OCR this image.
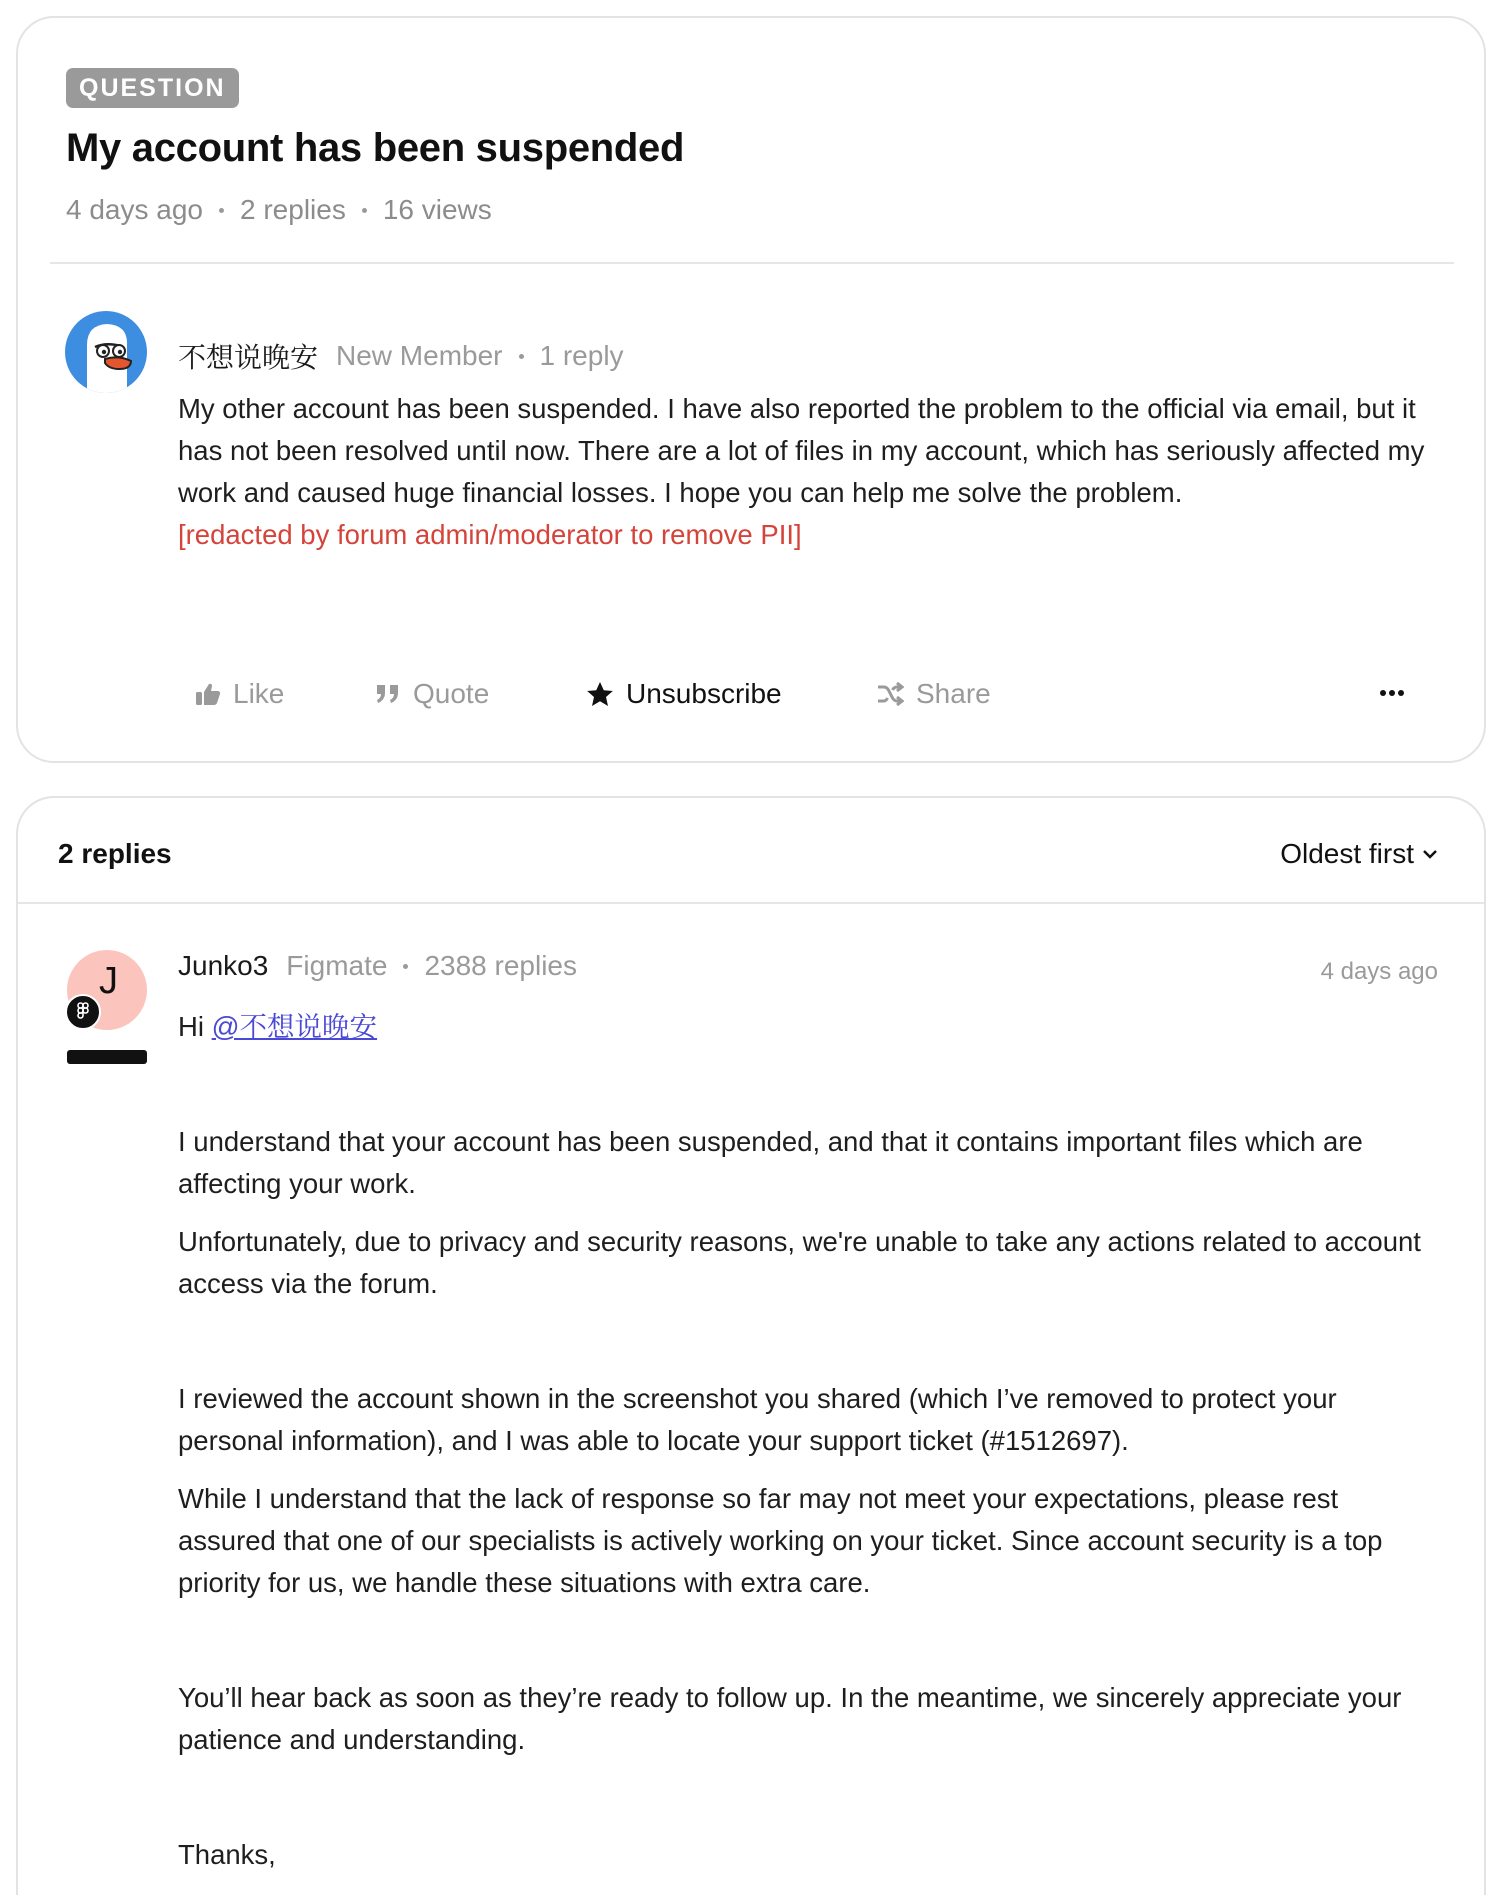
QUESTION
My account has been suspended
4 days ago 2 replies 16 views
不想说晚安 New Member 1 reply

My other account has been suspended. I have also reported the problem to the official via email, but it has not been resolved until now. There are a lot of files in my account, which has seriously affected my work and caused huge financial losses. I hope you can help me solve the problem.

[redacted by forum admin/moderator to remove PII]

Like	Quote	Unsubscribe	Share
2 replies	Oldest first
J Junko3 Figmate 2388 replies	4 days ago

Hi @不想说晚安

I understand that your account has been suspended, and that it contains important files which are affecting your work.

Unfortunately, due to privacy and security reasons, we're unable to take any actions related to account access via the forum.

I reviewed the account shown in the screenshot you shared (which I’ve removed to protect your personal information), and I was able to locate your support ticket (#1512697).

While I understand that the lack of response so far may not meet your expectations, please rest assured that one of our specialists is actively working on your ticket. Since account security is a top priority for us, we handle these situations with extra care.

You’ll hear back as soon as they’re ready to follow up. In the meantime, we sincerely appreciate your patience and understanding.

Thanks,
